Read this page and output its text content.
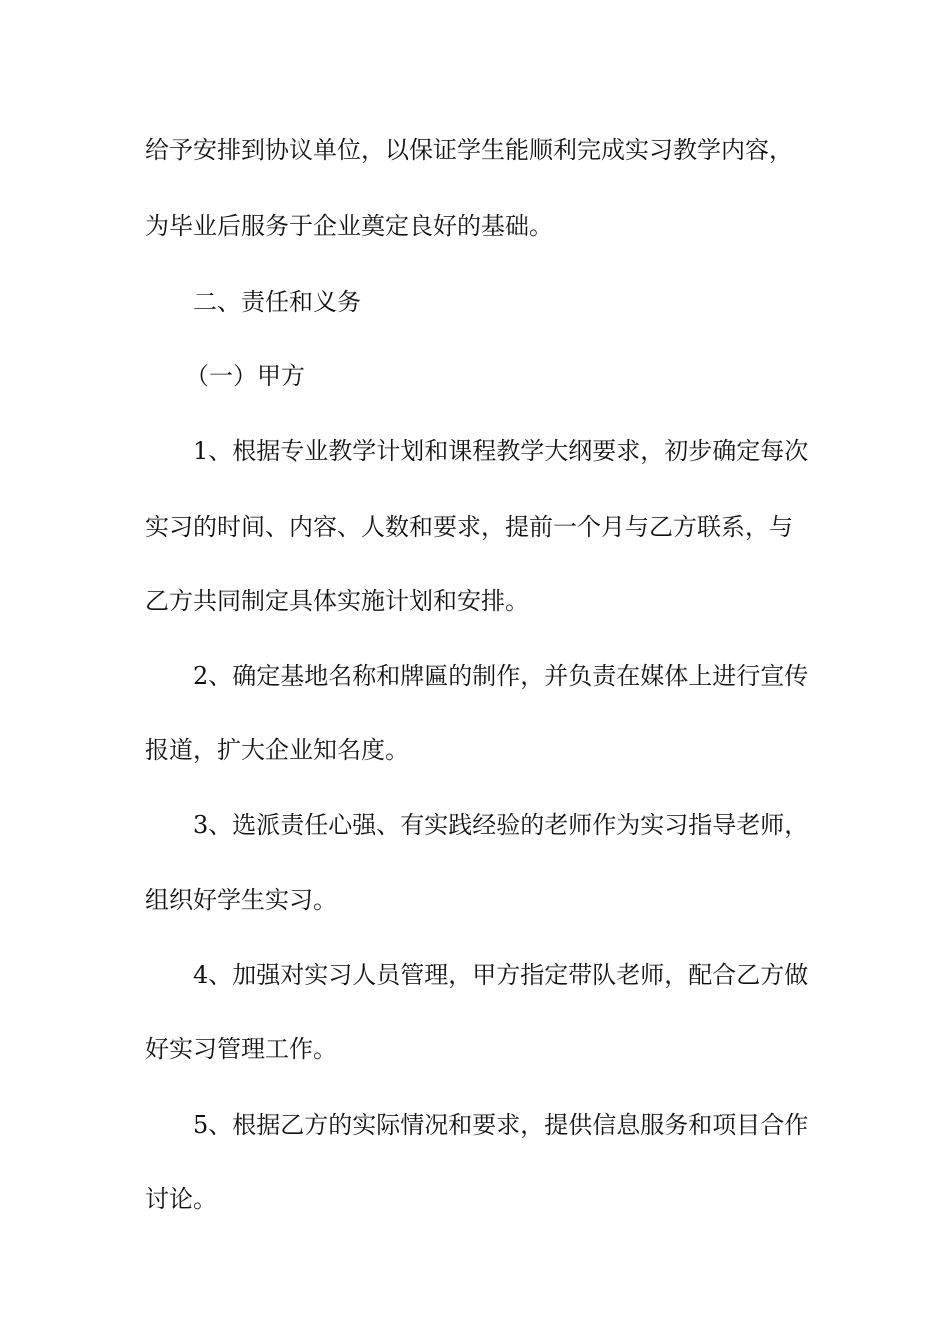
给予安排到协议单位，以保证学生能顺利完成实习教学内容，
为毕业后服务于企业奠定良好的基础。
二、责任和义务
（一）甲方
1、根据专业教学计划和课程教学大纲要求，初步确定每次
实习的时间、内容、人数和要求，提前一个月与乙方联系，与
乙方共同制定具体实施计划和安排。
2、确定基地名称和牌匾的制作，并负责在媒体上进行宣传
报道，扩大企业知名度。
3、选派责任心强、有实践经验的老师作为实习指导老师，
组织好学生实习。
4、加强对实习人员管理，甲方指定带队老师，配合乙方做
好实习管理工作。
5、根据乙方的实际情况和要求，提供信息服务和项目合作
讨论。
